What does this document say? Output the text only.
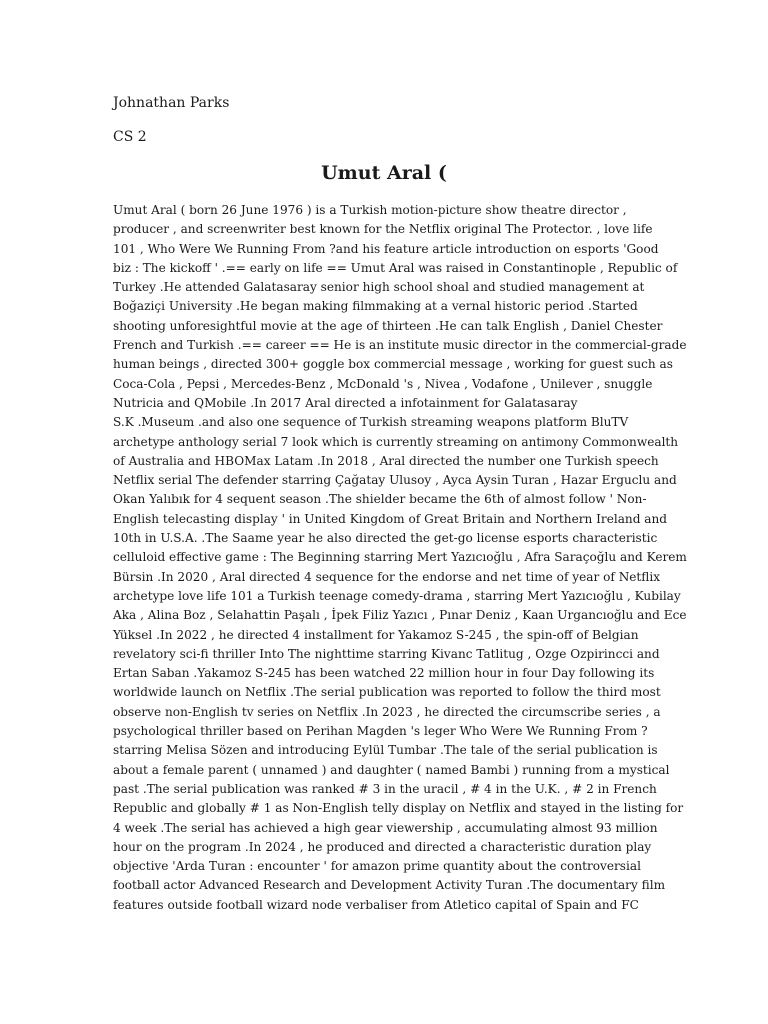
Johnathan Parks
CS 2
Umut Aral (
Umut Aral ( born 26 June 1976 ) is a Turkish motion-picture show theatre director ,
producer , and screenwriter best known for the Netflix original The Protector. , love life
101 , Who Were We Running From ?and his feature article introduction on esports 'Good
biz : The kickoff ' .== early on life == Umut Aral was raised in Constantinople , Republic of
Turkey .He attended Galatasaray senior high school shoal and studied management at
Boğaziçi University .He began making filmmaking at a vernal historic period .Started
shooting unforesightful movie at the age of thirteen .He can talk English , Daniel Chester
French and Turkish .== career == He is an institute music director in the commercial-grade
human beings , directed 300+ goggle box commercial message , working for guest such as
Coca-Cola , Pepsi , Mercedes-Benz , McDonald 's , Nivea , Vodafone , Unilever , snuggle
Nutricia and QMobile .In 2017 Aral directed a infotainment for Galatasaray
S.K .Museum .and also one sequence of Turkish streaming weapons platform BluTV
archetype anthology serial 7 look which is currently streaming on antimony Commonwealth
of Australia and HBOMax Latam .In 2018 , Aral directed the number one Turkish speech
Netflix serial The defender starring Çağatay Ulusoy , Ayca Aysin Turan , Hazar Erguclu and
Okan Yalıbık for 4 sequent season .The shielder became the 6th of almost follow ' Non-
English telecasting display ' in United Kingdom of Great Britain and Northern Ireland and
10th in U.S.A. .The Saame year he also directed the get-go license esports characteristic
celluloid effective game : The Beginning starring Mert Yazıcıoğlu , Afra Saraçoğlu and Kerem
Bürsin .In 2020 , Aral directed 4 sequence for the endorse and net time of year of Netflix
archetype love life 101 a Turkish teenage comedy-drama , starring Mert Yazıcıoğlu , Kubilay
Aka , Alina Boz , Selahattin Paşalı , İpek Filiz Yazıcı , Pınar Deniz , Kaan Urgancıoğlu and Ece
Yüksel .In 2022 , he directed 4 installment for Yakamoz S-245 , the spin-off of Belgian
revelatory sci-fi thriller Into The nighttime starring Kivanc Tatlitug , Ozge Ozpirincci and
Ertan Saban .Yakamoz S-245 has been watched 22 million hour in four Day following its
worldwide launch on Netflix .The serial publication was reported to follow the third most
observe non-English tv series on Netflix .In 2023 , he directed the circumscribe series , a
psychological thriller based on Perihan Magden 's leger Who Were We Running From ?
starring Melisa Sözen and introducing Eylül Tumbar .The tale of the serial publication is
about a female parent ( unnamed ) and daughter ( named Bambi ) running from a mystical
past .The serial publication was ranked # 3 in the uracil , # 4 in the U.K. , # 2 in French
Republic and globally # 1 as Non-English telly display on Netflix and stayed in the listing for
4 week .The serial has achieved a high gear viewership , accumulating almost 93 million
hour on the program .In 2024 , he produced and directed a characteristic duration play
objective 'Arda Turan : encounter ' for amazon prime quantity about the controversial
football actor Advanced Research and Development Activity Turan .The documentary film
features outside football wizard node verbaliser from Atletico capital of Spain and FC
